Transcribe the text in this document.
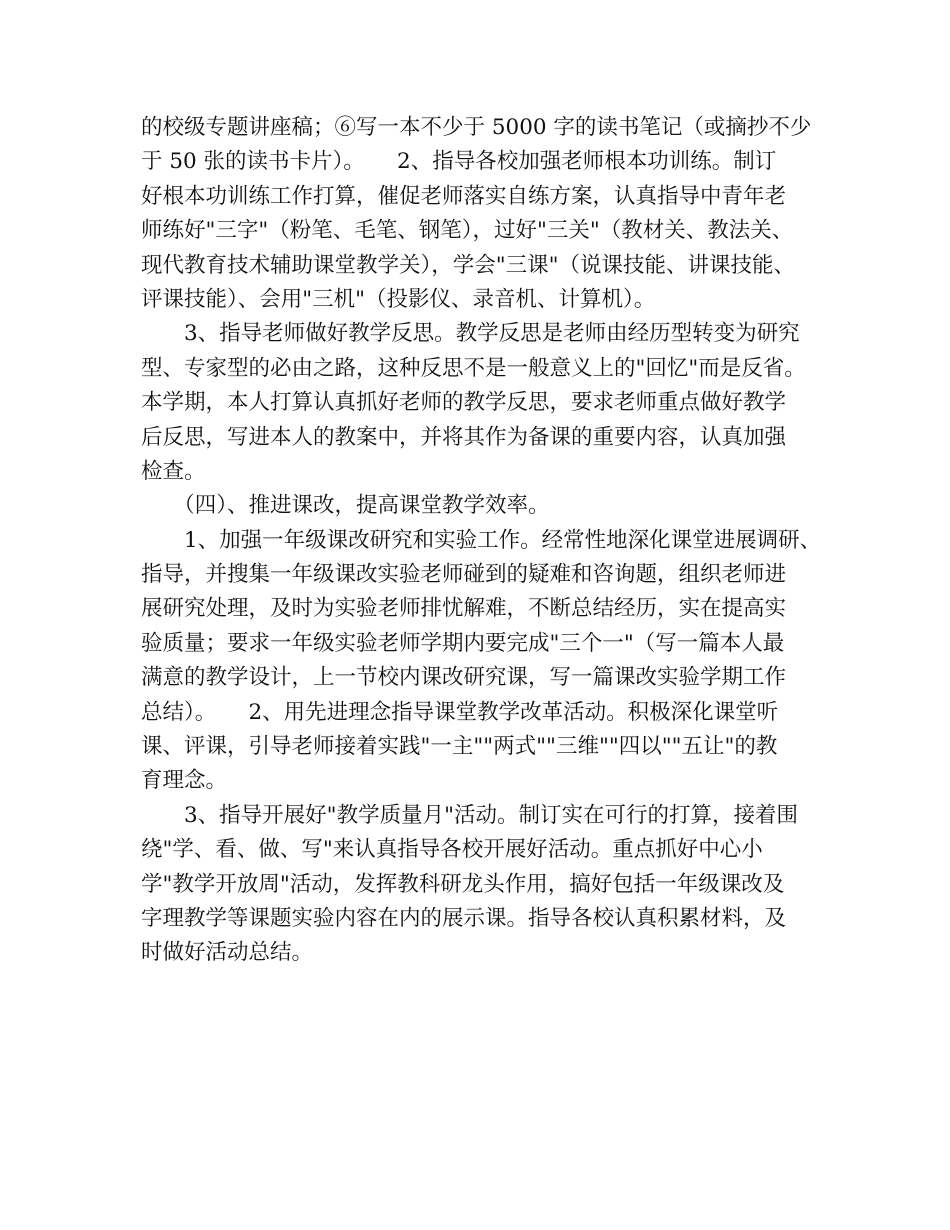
的校级专题讲座稿；⑥写一本不少于 5000 字的读书笔记（或摘抄不少
于 50 张的读书卡片）。　　2、指导各校加强老师根本功训练。制订
好根本功训练工作打算，催促老师落实自练方案，认真指导中青年老
师练好"三字"（粉笔、毛笔、钢笔），过好"三关"（教材关、教法关、
现代教育技术辅助课堂教学关），学会"三课"（说课技能、讲课技能、
评课技能）、会用"三机"（投影仪、录音机、计算机）。
　　3、指导老师做好教学反思。教学反思是老师由经历型转变为研究
型、专家型的必由之路，这种反思不是一般意义上的"回忆"而是反省。
本学期，本人打算认真抓好老师的教学反思，要求老师重点做好教学
后反思，写进本人的教案中，并将其作为备课的重要内容，认真加强
检查。
　　（四）、推进课改，提高课堂教学效率。
　　1、加强一年级课改研究和实验工作。经常性地深化课堂进展调研、
指导，并搜集一年级课改实验老师碰到的疑难和咨询题，组织老师进
展研究处理，及时为实验老师排忧解难，不断总结经历，实在提高实
验质量；要求一年级实验老师学期内要完成"三个一"（写一篇本人最
满意的教学设计，上一节校内课改研究课，写一篇课改实验学期工作
总结）。　　2、用先进理念指导课堂教学改革活动。积极深化课堂听
课、评课，引导老师接着实践"一主""两式""三维""四以""五让"的教
育理念。
　　3、指导开展好"教学质量月"活动。制订实在可行的打算，接着围
绕"学、看、做、写"来认真指导各校开展好活动。重点抓好中心小
学"教学开放周"活动，发挥教科研龙头作用，搞好包括一年级课改及
字理教学等课题实验内容在内的展示课。指导各校认真积累材料，及
时做好活动总结。
